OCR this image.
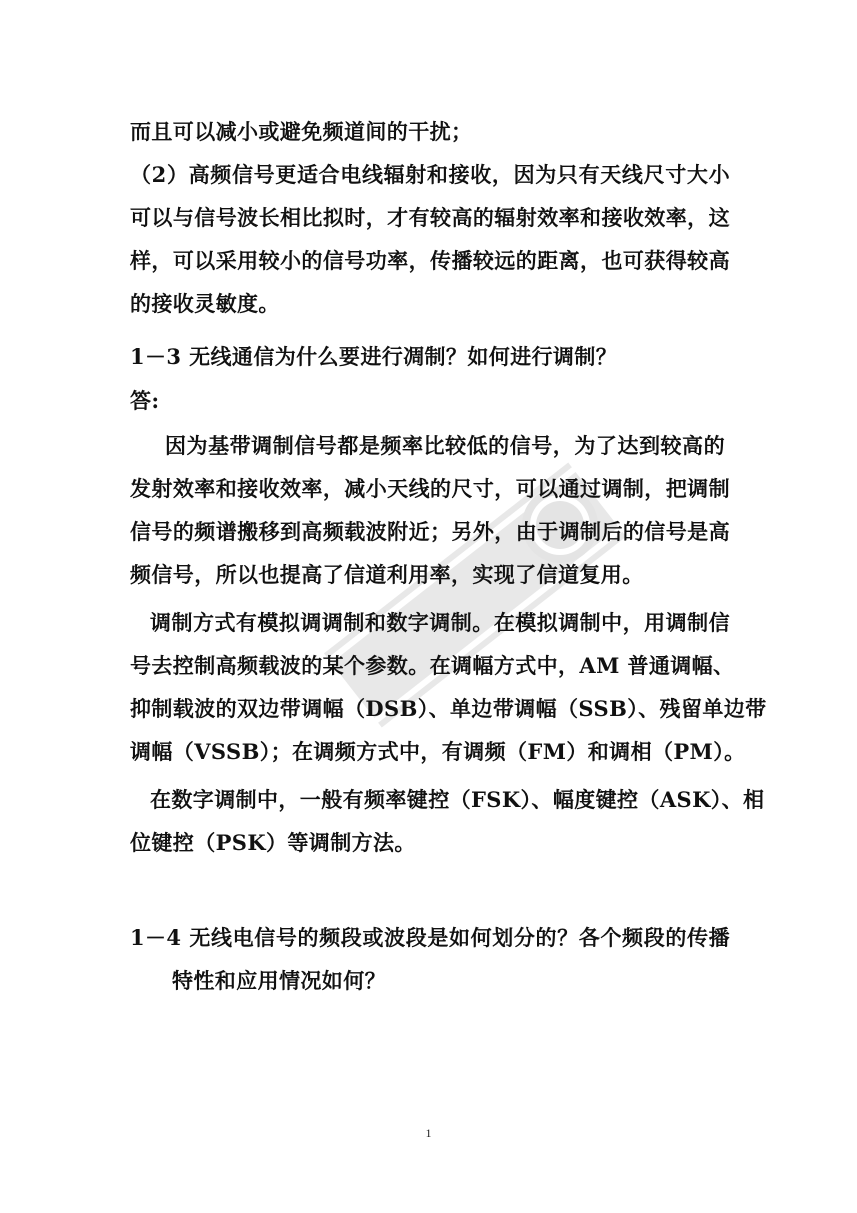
而且可以减小或避免频道间的干扰；
（2）高频信号更适合电线辐射和接收，因为只有天线尺寸大小
可以与信号波长相比拟时，才有较高的辐射效率和接收效率，这
样，可以采用较小的信号功率，传播较远的距离，也可获得较高
的接收灵敏度。
1－3 无线通信为什么要进行凋制？如何进行调制？
答:
因为基带调制信号都是频率比较低的信号，为了达到较高的
发射效率和接收效率，减小天线的尺寸，可以通过调制，把调制
信号的频谱搬移到高频载波附近；另外，由于调制后的信号是高
频信号，所以也提高了信道利用率，实现了信道复用。
调制方式有模拟调调制和数字调制。在模拟调制中，用调制信
号去控制高频载波的某个参数。在调幅方式中，AM 普通调幅、
抑制载波的双边带调幅（DSB）、单边带调幅（SSB）、残留单边带
调幅（VSSB）；在调频方式中，有调频（FM）和调相（PM）。
在数字调制中，一般有频率键控（FSK）、幅度键控（ASK）、相
位键控（PSK）等调制方法。
1－4 无线电信号的频段或波段是如何划分的？各个频段的传播
特性和应用情况如何？
1
